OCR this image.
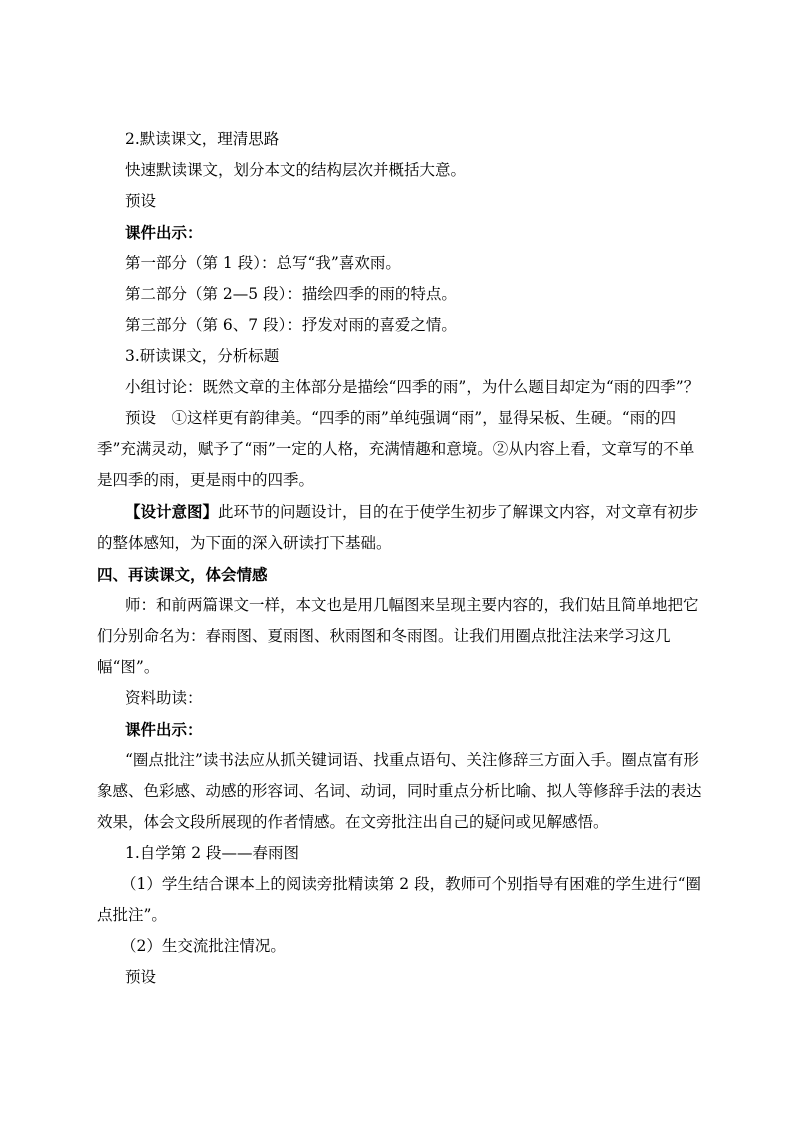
2.默读课文，理清思路

快速默读课文，划分本文的结构层次并概括大意。

预设

课件出示：

第一部分（第 1 段）：总写“我”喜欢雨。

第二部分（第 2—5 段）：描绘四季的雨的特点。

第三部分（第 6、7 段）：抒发对雨的喜爱之情。

3.研读课文，分析标题

小组讨论：既然文章的主体部分是描绘“四季的雨”，为什么题目却定为“雨的四季”？

预设　①这样更有韵律美。“四季的雨”单纯强调“雨”，显得呆板、生硬。“雨的四季”充满灵动，赋予了“雨”一定的人格，充满情趣和意境。②从内容上看，文章写的不单是四季的雨，更是雨中的四季。

【设计意图】此环节的问题设计，目的在于使学生初步了解课文内容，对文章有初步的整体感知，为下面的深入研读打下基础。

四、再读课文，体会情感

师：和前两篇课文一样，本文也是用几幅图来呈现主要内容的，我们姑且简单地把它们分别命名为：春雨图、夏雨图、秋雨图和冬雨图。让我们用圈点批注法来学习这几幅“图”。

资料助读：

课件出示：

“圈点批注”读书法应从抓关键词语、找重点语句、关注修辞三方面入手。圈点富有形象感、色彩感、动感的形容词、名词、动词，同时重点分析比喻、拟人等修辞手法的表达效果，体会文段所展现的作者情感。在文旁批注出自己的疑问或见解感悟。

1.自学第 2 段——春雨图

（1）学生结合课本上的阅读旁批精读第 2 段，教师可个别指导有困难的学生进行“圈点批注”。

（2）生交流批注情况。

预设
